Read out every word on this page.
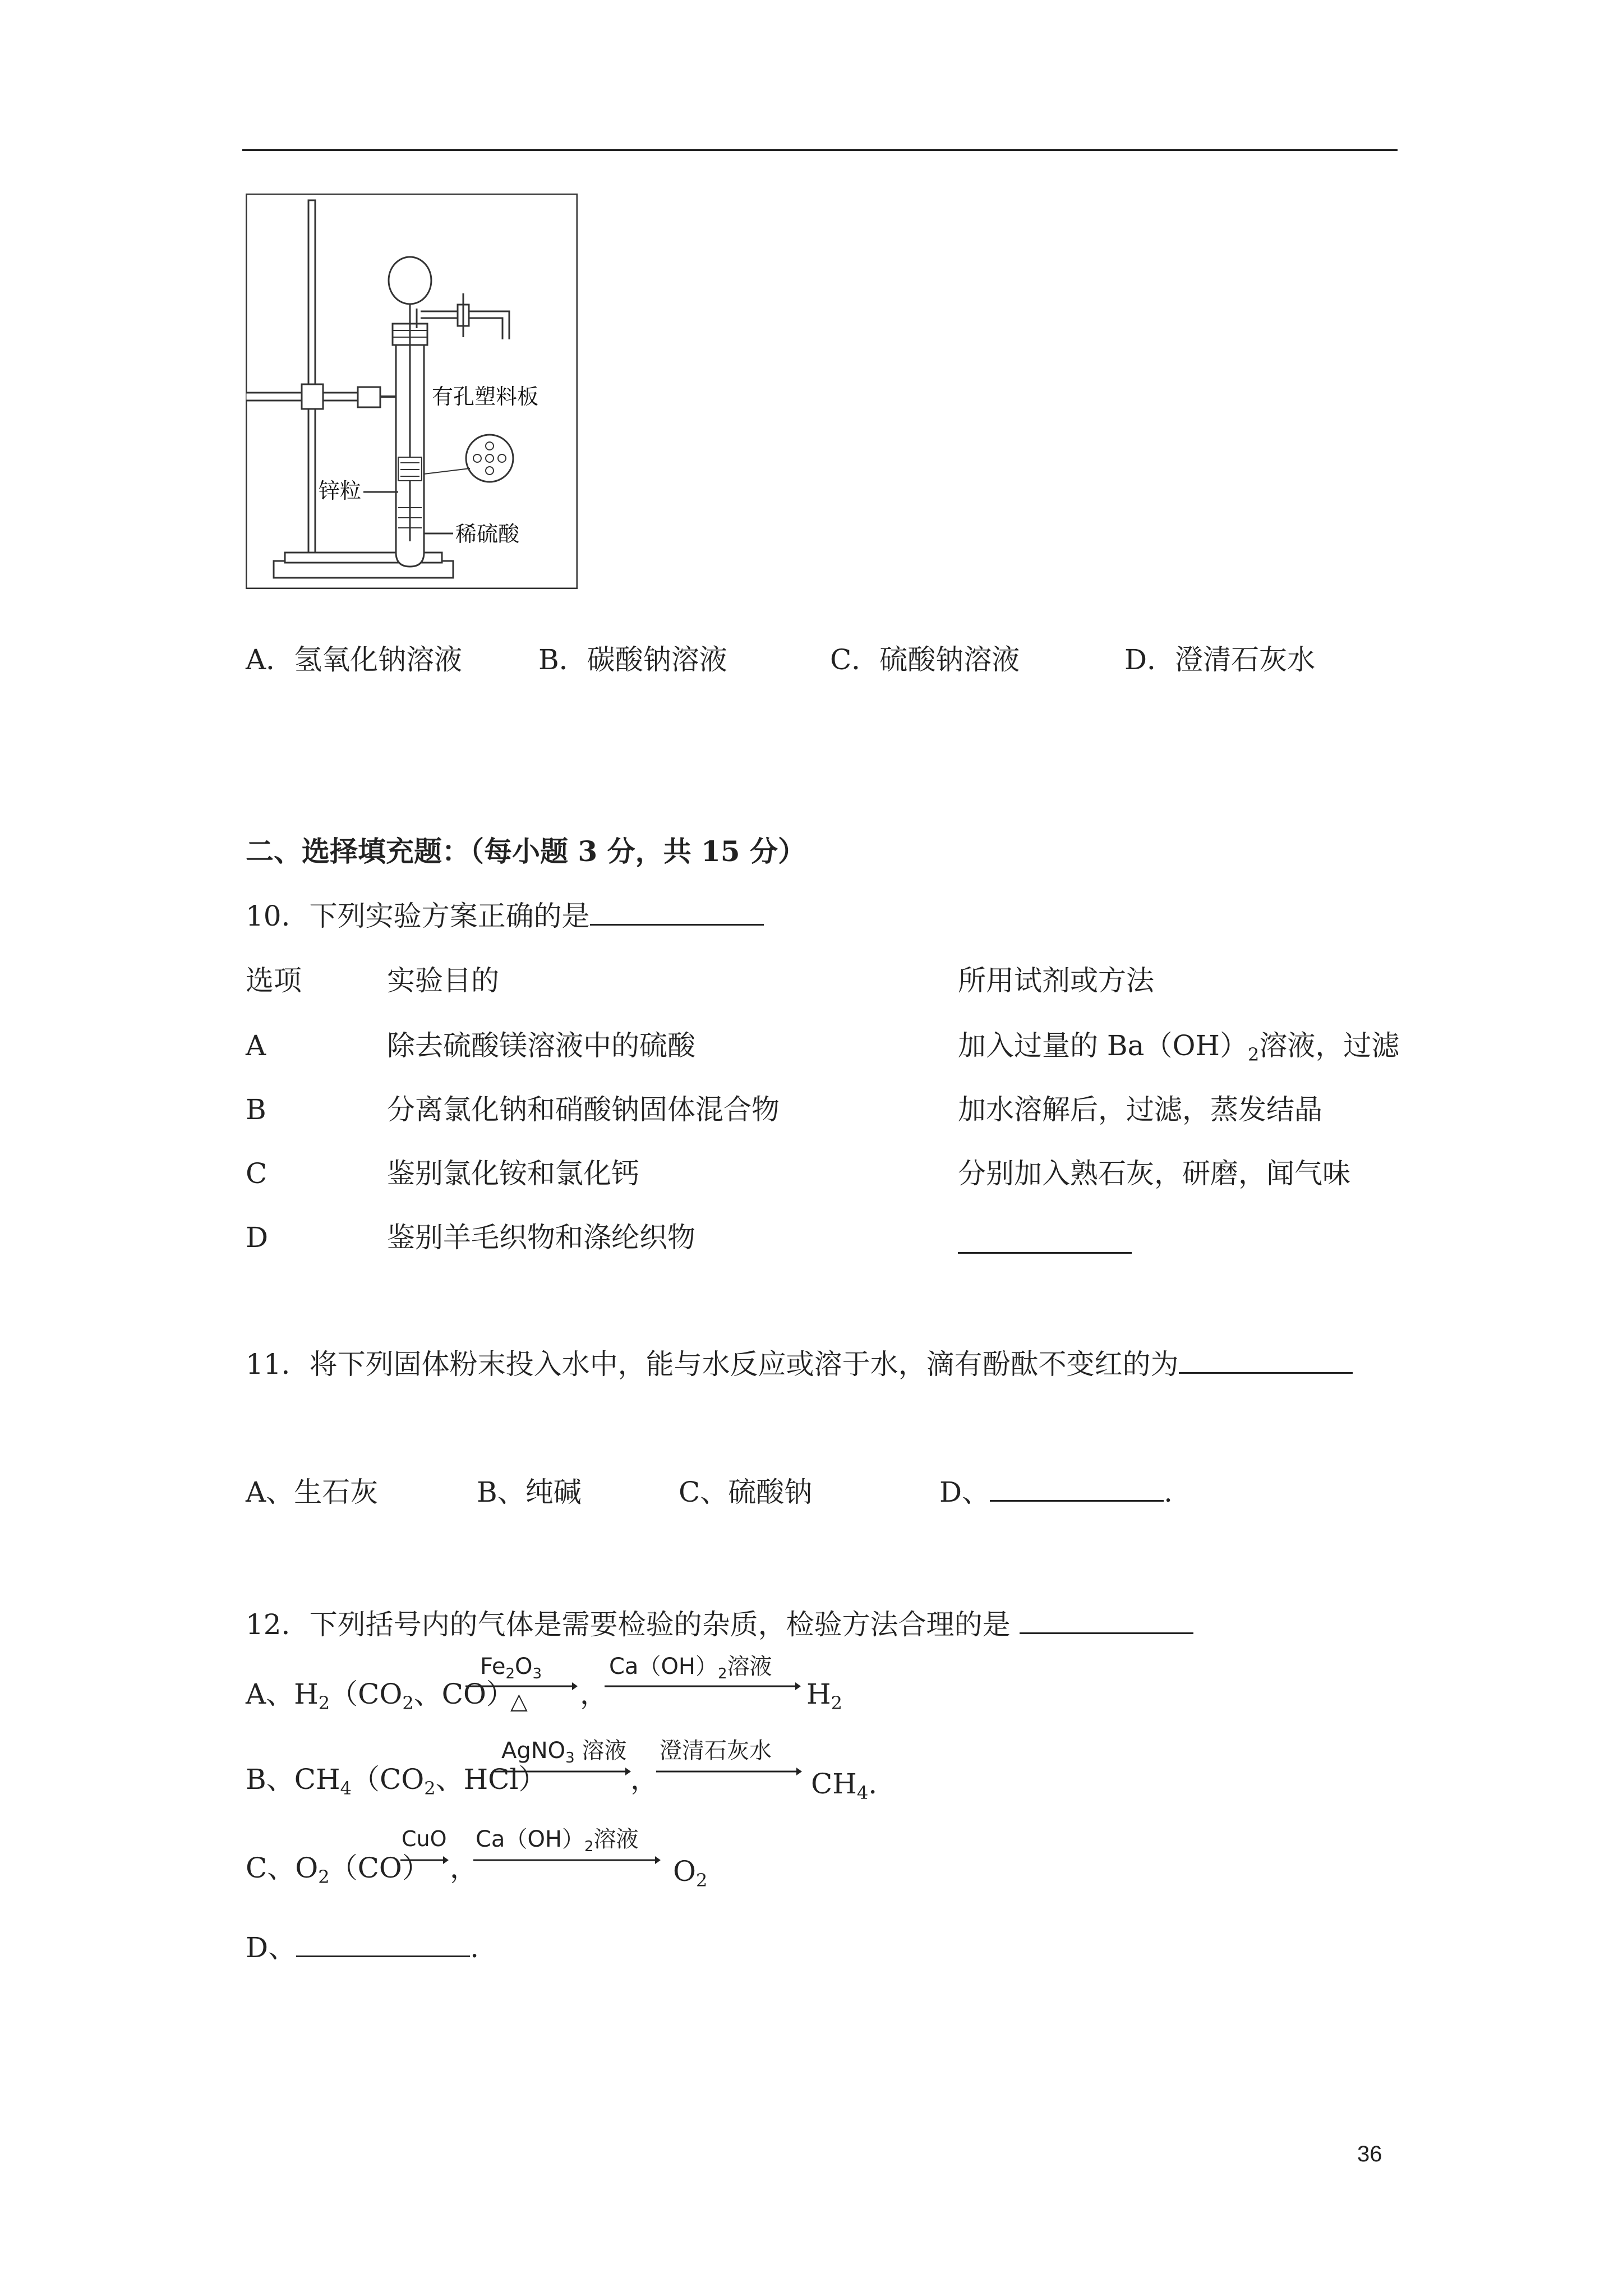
有孔塑料板
锌粒
稀硫酸
A．氢氧化钠溶液	B．碳酸钠溶液	C．硫酸钠溶液	D．澄清石灰水
二、选择填充题：（每小题 3 分，共 15 分）
10．下列实验方案正确的是
选项	实验目的	所用试剂或方法
A	除去硫酸镁溶液中的硫酸	加入过量的 $Ba(OH)_2$溶液，过滤
B	分离氯化钠和硝酸钠固体混合物	加水溶解后，过滤，蒸发结晶
C	鉴别氯化铵和氯化钙	分别加入熟石灰，研磨，闻气味
D	鉴别羊毛织物和涤纶织物
11．将下列固体粉末投入水中，能与水反应或溶于水，滴有酚酞不变红的为
A、生石灰	B、纯碱	C、硫酸钠	D、	.
12．下列括号内的气体是需要检验的杂质，检验方法合理的是
A、$H_2(CO_2$、CO）
$Fe_2O_3$
△ ，
$Ca(OH)_2$溶液
$H_2$
B、$CH_4(CO_2$、HCl）
AgNO$_3$ 溶液
，
澄清石灰水
$CH_4$.
C、$O_2(CO)$
CuO
，
$Ca(OH)_2$溶液
$O_2$
D、	.
36
